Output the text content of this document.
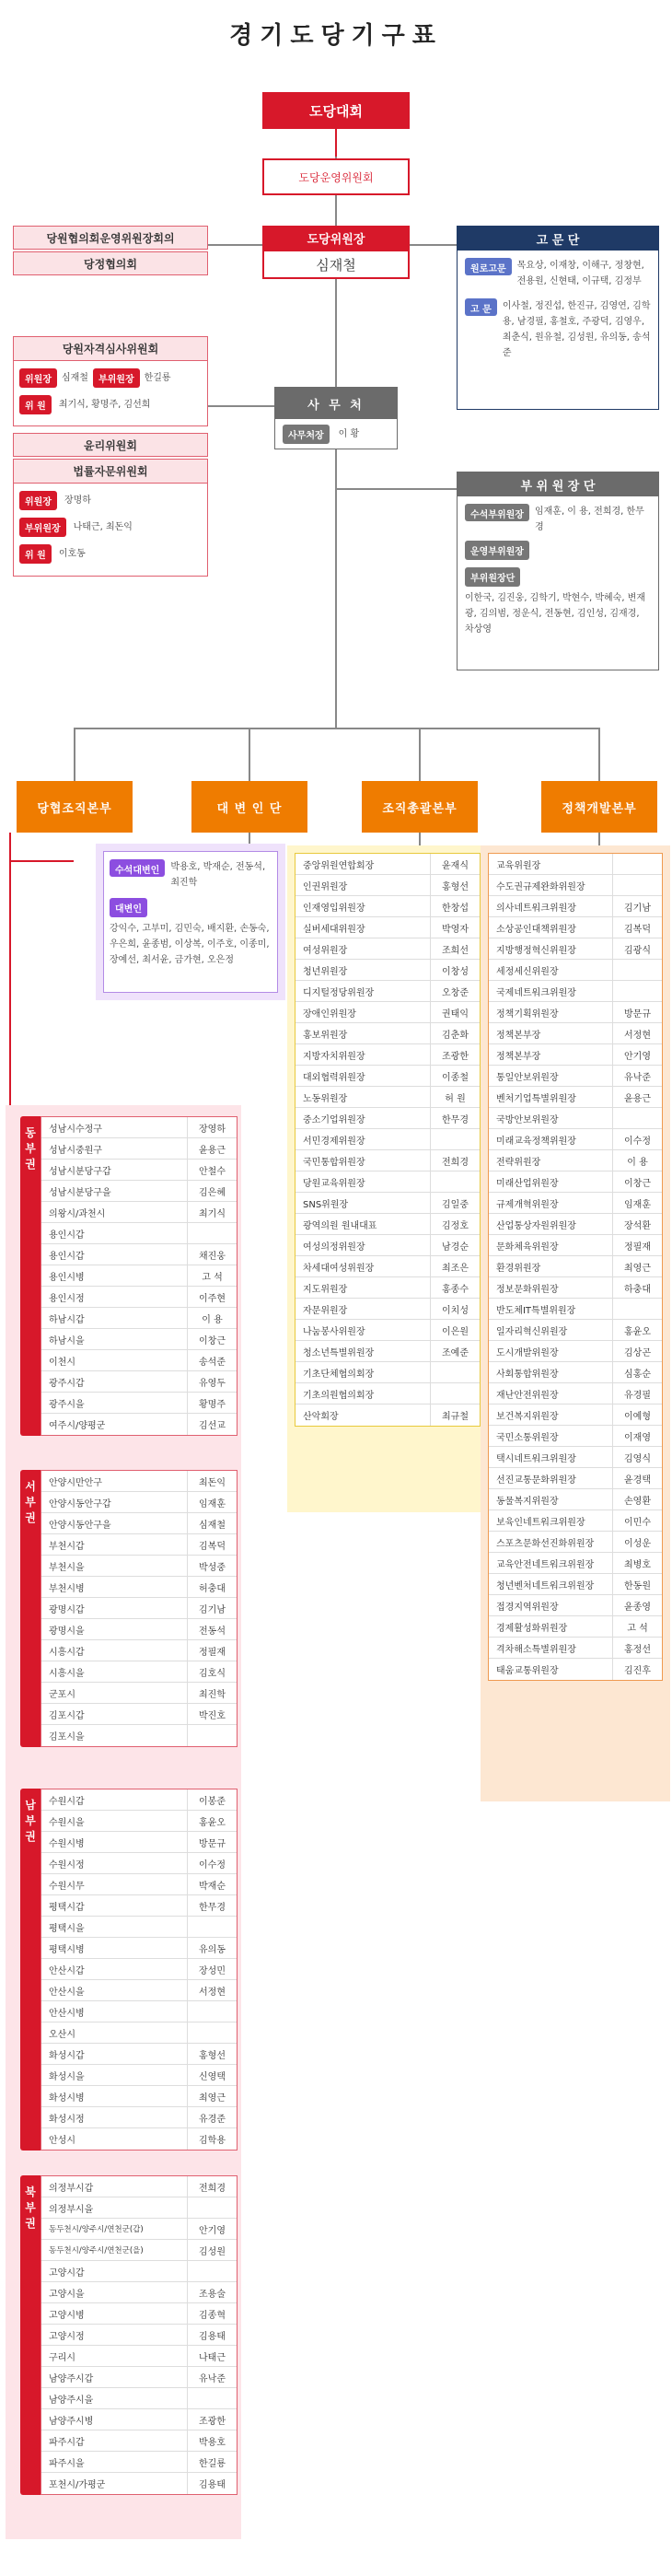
경기도당기구표
도당대회
도당운영위원회
도당위원장
심재철
당원협의회운영위원장회의
당정협의회
당원자격심사위원회
위원장	심재철	부위원장	한길룡
위 원	최기식, 황명주, 김선희
윤리위원회
법률자문위원회
위원장	장명하
부위원장	나태근, 최돈익
위 원	이호동
고 문 단
원로고문	목요상, 이재창, 이해구, 정창현, 전용원, 신현태, 이규택, 김정부
고 문	이사철, 정진섭, 한진규, 김영연, 김학용, 남경필, 홍철호, 주광덕, 김영우, 최춘식, 원유철, 김성원, 유의동, 송석준
사 무 처
사무처장	이 황
부 위 원 장 단
수석부위원장	임재훈, 이 용, 전희경, 한무경
운영부위원장
부위원장단
이한국, 김진웅, 김학기, 박현수, 박혜숙, 변재광, 김의범, 정운식, 전동현, 김인성, 김재경, 차상영
당협조직본부	대 변 인 단	조직총괄본부	정책개발본부
수석대변인	박용호, 박재순, 전동석, 최진학
대변인
강익수, 고부미, 김민숙, 배지환, 손동숙, 우은희, 윤종범, 이상복, 이주호, 이종미, 장예선, 최서윤, 금가현, 오은정
중앙위원연합회장	윤재식
인권위원장	홍형선
인재영입위원장	한창섭
실버세대위원장	박영자
여성위원장	조희선
청년위원장	이창성
디지털정당위원장	오창준
장애인위원장	권태익
홍보위원장	김춘화
지방자치위원장	조광한
대외협력위원장	이종철
노동위원장	허 원
중소기업위원장	한무경
서민경제위원장
국민통합위원장	전희경
당원교육위원장
SNS위원장	김일중
광역의원 원내대표	김정호
여성의정위원장	남경순
차세대여성위원장	최조은
지도위원장	홍종수
자문위원장	이치성
나눔봉사위원장	이은원
청소년특별위원장	조예준
기초단체협의회장
기초의원협의회장
산악회장	최규철
교육위원장
수도권규제완화위원장
의사네트워크위원장	김기남
소상공인대책위원장	김복덕
지방행정혁신위원장	김광식
세정세신위원장
국제네트워크위원장
정책기획위원장	방문규
정책본부장	서정현
정책본부장	안기영
통일안보위원장	유낙준
벤처기업특별위원장	윤용근
국방안보위원장
미래교육정책위원장	이수정
전략위원장	이 용
미래산업위원장	이창근
규제개혁위원장	임재훈
산업통상자원위원장	장석환
문화체육위원장	정필재
환경위원장	최영근
정보문화위원장	하충대
반도체IT특별위원장
일자리혁신위원장	홍윤오
도시개발위원장	김상곤
사회통합위원장	심홍순
재난안전위원장	유경필
보건복지위원장	이예형
국민소통위원장	이재영
택시네트워크위원장	김영식
선진교통문화위원장	윤경택
동물복지위원장	손영환
보육인네트워크위원장	이민수
스포츠문화선진화위원장	이성운
교육안전네트워크위원장	최병호
청년벤처네트워크위원장	한동원
접경지역위원장	윤종영
경제활성화위원장	고 석
격차해소특별위원장	홍정선
태움교통위원장	김진후
동
부
권
성남시수정구	장영하
성남시중원구	윤용근
성남시분당구갑	안철수
성남시분당구을	김은혜
의왕시/과천시	최기식
용인시갑
용인시갑	채진웅
용인시병	고 석
용인시정	이주현
하남시갑	이 용
하남시을	이창근
이천시	송석준
광주시갑	유영두
광주시을	황명주
여주시/양평군	김선교
서
부
권
안양시만안구	최돈익
안양시동안구갑	임재훈
안양시동안구을	심재철
부천시갑	김복덕
부천시을	박성중
부천시병	허충대
광명시갑	김기남
광명시을	전동석
시흥시갑	정필재
시흥시을	김호식
군포시	최진학
김포시갑	박진호
김포시을
남
부
권
수원시갑	이봉준
수원시을	홍윤오
수원시병	방문규
수원시정	이수정
수원시무	박재순
평택시갑	한무경
평택시을
평택시병	유의동
안산시갑	장성민
안산시을	서정현
안산시병
오산시
화성시갑	홍형선
화성시을	신영택
화성시병	최영근
화성시정	유경준
안성시	김학용
북
부
권
의정부시갑	전희경
의정부시을
동두천시/양주시/연천군(갑)	안기영
동두천시/양주시/연천군(을)	김성원
고양시갑
고양시을	조용술
고양시병	김종혁
고양시정	김용태
구리시	나태근
남양주시갑	유낙준
남양주시을
남양주시병	조광한
파주시갑	박용호
파주시을	한길룡
포천시/가평군	김용태
